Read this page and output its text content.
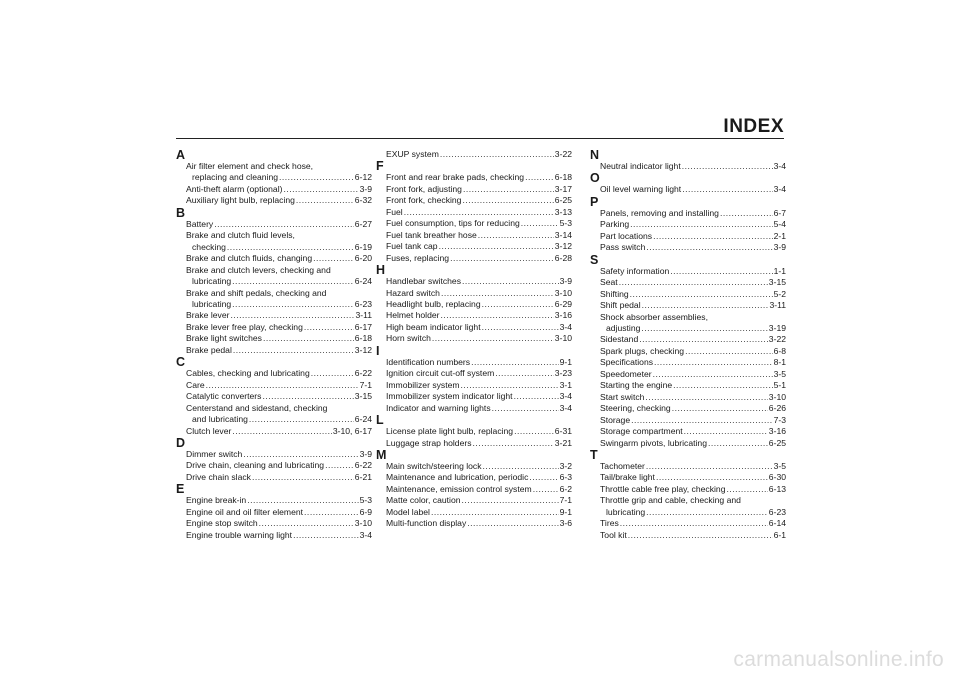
INDEX
A
Air filter element and check hose,
replacing and cleaning .....	6-12
Anti-theft alarm (optional) .....	3-9
Auxiliary light bulb, replacing .....	6-32
B
Battery .....	6-27
Brake and clutch fluid levels,
checking .....	6-19
Brake and clutch fluids, changing .....	6-20
Brake and clutch levers, checking and
lubricating .....	6-24
Brake and shift pedals, checking and
lubricating .....	6-23
Brake lever .....	3-11
Brake lever free play, checking .....	6-17
Brake light switches .....	6-18
Brake pedal .....	3-12
C
Cables, checking and lubricating .....	6-22
Care .....	7-1
Catalytic converters .....	3-15
Centerstand and sidestand, checking
and lubricating .....	6-24
Clutch lever .....	3-10, 6-17
D
Dimmer switch .....	3-9
Drive chain, cleaning and lubricating .....	6-22
Drive chain slack .....	6-21
E
Engine break-in .....	5-3
Engine oil and oil filter element .....	6-9
Engine stop switch .....	3-10
Engine trouble warning light .....	3-4
EXUP system .....	3-22
F
Front and rear brake pads, checking .....	6-18
Front fork, adjusting .....	3-17
Front fork, checking .....	6-25
Fuel .....	3-13
Fuel consumption, tips for reducing .....	5-3
Fuel tank breather hose .....	3-14
Fuel tank cap .....	3-12
Fuses, replacing .....	6-28
H
Handlebar switches .....	3-9
Hazard switch .....	3-10
Headlight bulb, replacing .....	6-29
Helmet holder .....	3-16
High beam indicator light .....	3-4
Horn switch .....	3-10
I
Identification numbers .....	9-1
Ignition circuit cut-off system .....	3-23
Immobilizer system .....	3-1
Immobilizer system indicator light .....	3-4
Indicator and warning lights .....	3-4
L
License plate light bulb, replacing .....	6-31
Luggage strap holders .....	3-21
M
Main switch/steering lock .....	3-2
Maintenance and lubrication, periodic .....	6-3
Maintenance, emission control system .....	6-2
Matte color, caution .....	7-1
Model label .....	9-1
Multi-function display .....	3-6
N
Neutral indicator light .....	3-4
O
Oil level warning light .....	3-4
P
Panels, removing and installing .....	6-7
Parking .....	5-4
Part locations .....	2-1
Pass switch .....	3-9
S
Safety information .....	1-1
Seat .....	3-15
Shifting .....	5-2
Shift pedal .....	3-11
Shock absorber assemblies,
adjusting .....	3-19
Sidestand .....	3-22
Spark plugs, checking .....	6-8
Specifications .....	8-1
Speedometer .....	3-5
Starting the engine .....	5-1
Start switch .....	3-10
Steering, checking .....	6-26
Storage .....	7-3
Storage compartment .....	3-16
Swingarm pivots, lubricating .....	6-25
T
Tachometer .....	3-5
Tail/brake light .....	6-30
Throttle cable free play, checking .....	6-13
Throttle grip and cable, checking and
lubricating .....	6-23
Tires .....	6-14
Tool kit .....	6-1
carmanualsonline.info
